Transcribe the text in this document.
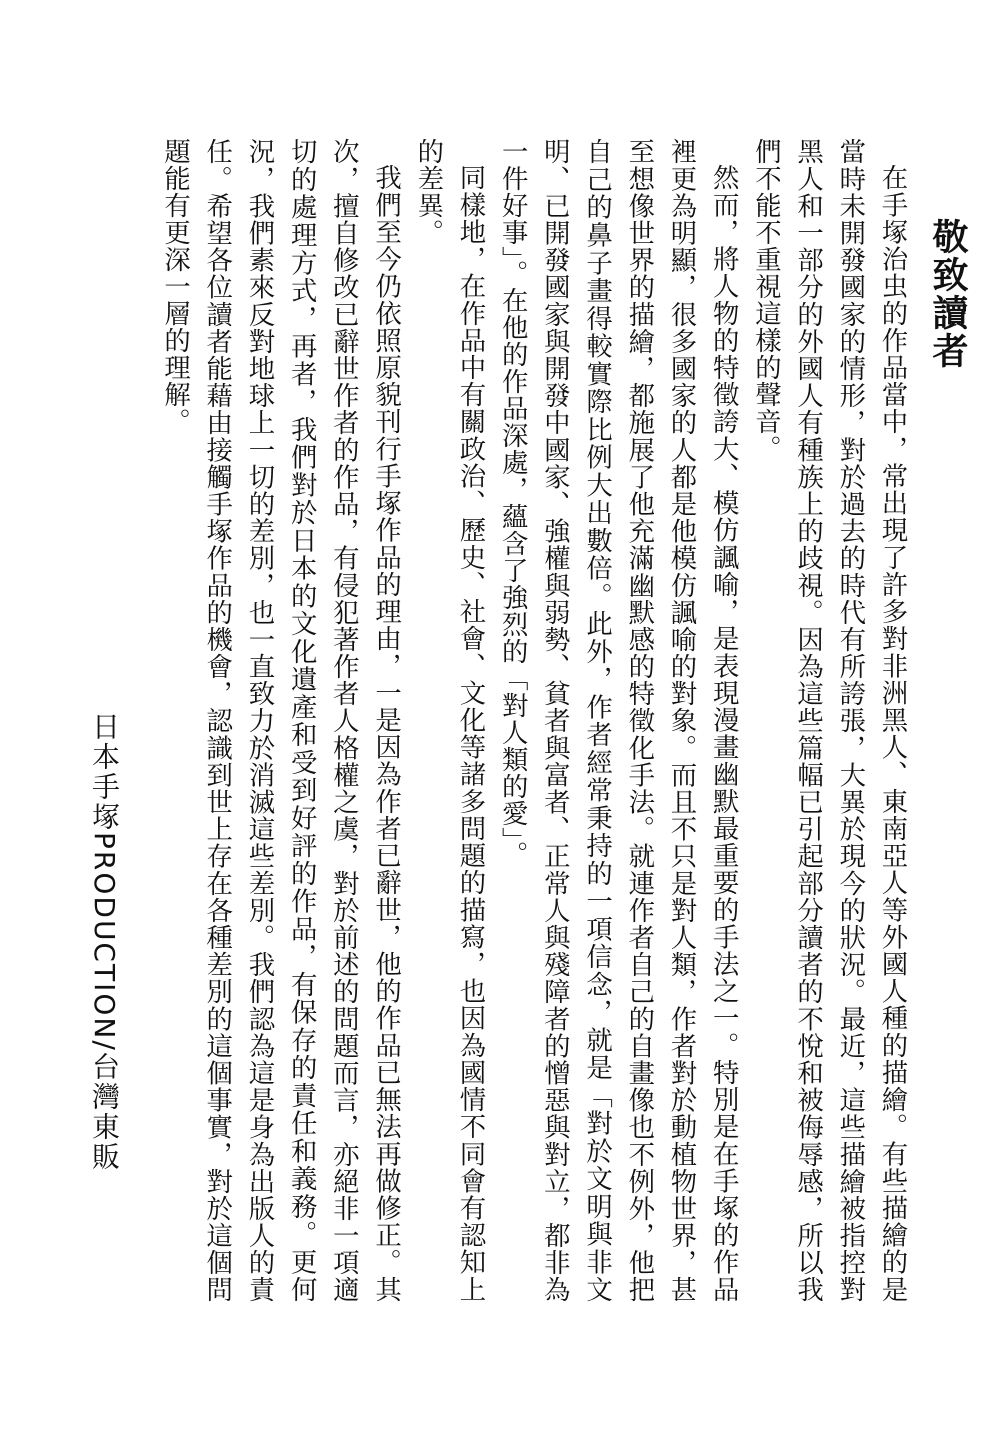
敬致讀者

在手塚治虫的作品當中，常出現了許多對非洲黑人、東南亞人等外國人種的描繪。有些描繪的是當時未開發國家的情形，對於過去的時代有所誇張，大異於現今的狀況。最近，這些描繪被指控對黑人和一部分的外國人有種族上的歧視。因為這些篇幅已引起部分讀者的不悅和被侮辱感，所以我們不能不重視這樣的聲音。

然而，將人物的特徵誇大、模仿諷喻，是表現漫畫幽默最重要的手法之一。特別是在手塚的作品裡更為明顯，很多國家的人都是他模仿諷喻的對象。而且不只是對人類，作者對於動植物世界，甚至想像世界的描繪，都施展了他充滿幽默感的特徵化手法。就連作者自己的自畫像也不例外，他把自己的鼻子畫得較實際比例大出數倍。此外，作者經常秉持的一項信念，就是「對於文明與非文明、已開發國家與開發中國家、強權與弱勢、貧者與富者、正常人與殘障者的憎惡與對立，都非為一件好事」。在他的作品深處，蘊含了強烈的「對人類的愛」。

同樣地，在作品中有關政治、歷史、社會、文化等諸多問題的描寫，也因為國情不同會有認知上的差異。

我們至今仍依照原貌刊行手塚作品的理由，一是因為作者已辭世，他的作品已無法再做修正。其次，擅自修改已辭世作者的作品，有侵犯著作者人格權之虞，對於前述的問題而言，亦絕非一項適切的處理方式，再者，我們對於日本的文化遺產和受到好評的作品，有保存的責任和義務。更何況，我們素來反對地球上一切的差別，也一直致力於消滅這些差別。我們認為這是身為出版人的責任。希望各位讀者能藉由接觸手塚作品的機會，認識到世上存在各種差別的這個事實，對於這個問題能有更深一層的理解。

日本手塚PRODUCTION/台灣東販
